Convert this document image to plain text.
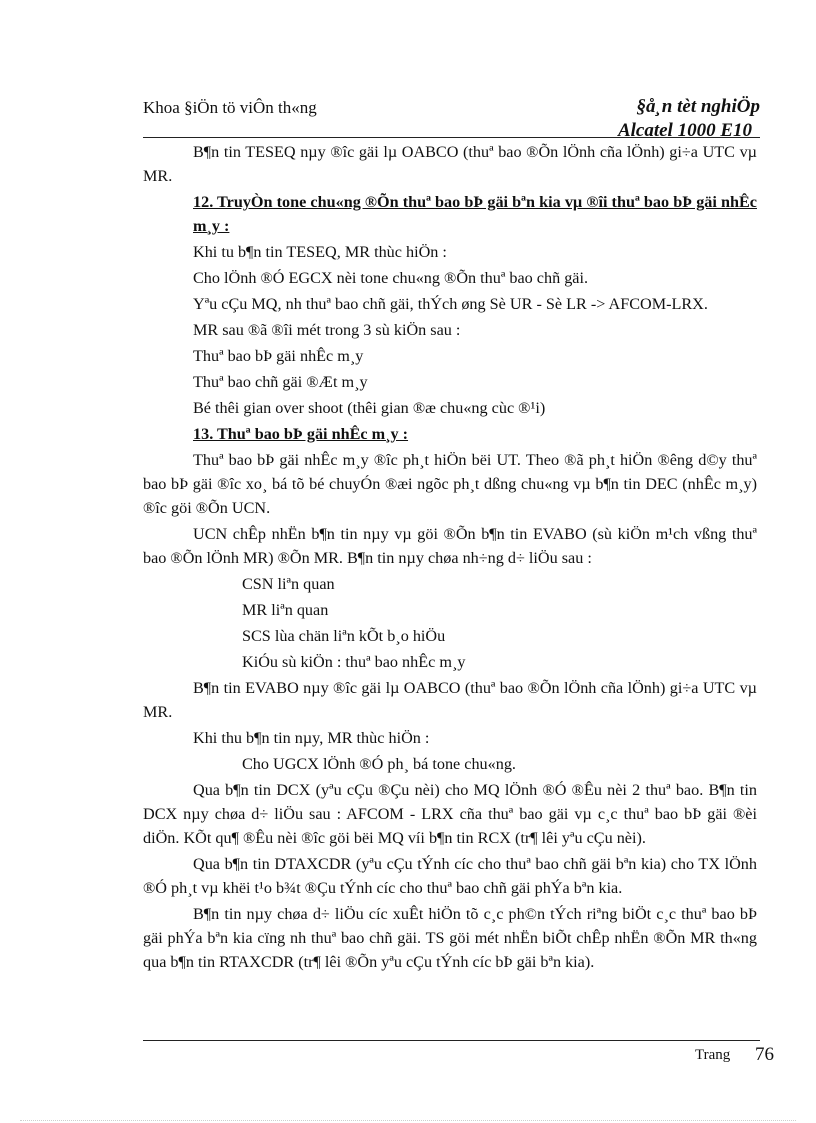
Khoa §iÖn tö viÔn th«ng	§å¸n tèt nghiÖp
Alcatel 1000 E10

B¶n tin TESEQ nµy ®îc gäi lµ OABCO (thuª bao ®Õn lÖnh cña lÖnh) gi÷a UTC vµ MR.

12. TruyÒn tone chu«ng ®Õn thuª bao bÞ gäi bªn kia vµ ®îi thuª bao bÞ gäi nhÊc m¸y :

Khi tu b¶n tin TESEQ, MR thùc hiÖn :

Cho lÖnh ®Ó EGCX nèi tone chu«ng ®Õn thuª bao chñ gäi.

Yªu cÇu MQ, nh thuª bao chñ gäi, thÝch øng Sè UR - Sè LR -> AFCOM-LRX.

MR sau ®ã ®îi mét trong 3 sù kiÖn sau :

Thuª bao bÞ gäi nhÊc m¸y

Thuª bao chñ gäi ®Æt m¸y

Bé thêi gian over shoot (thêi gian ®æ chu«ng cùc ®¹i)

13. Thuª bao bÞ gäi nhÊc m¸y :

Thuª bao bÞ gäi nhÊc m¸y ®îc ph¸t hiÖn bëi UT. Theo ®ã ph¸t hiÖn ®êng d©y thuª bao bÞ gäi ®îc xo¸ bá tõ bé chuyÓn ®æi ngõc ph¸t dßng chu«ng vµ b¶n tin DEC (nhÊc m¸y) ®îc göi ®Õn UCN.

UCN chÊp nhËn b¶n tin nµy vµ göi ®Õn b¶n tin EVABO (sù kiÖn m¹ch vßng thuª bao ®Õn lÖnh MR) ®Õn MR. B¶n tin nµy chøa nh÷ng d÷ liÖu sau :

CSN liªn quan

MR liªn quan

SCS lùa chän liªn kÕt b¸o hiÖu

KiÓu sù kiÖn : thuª bao nhÊc m¸y

B¶n tin EVABO nµy ®îc gäi lµ OABCO (thuª bao ®Õn lÖnh cña lÖnh) gi÷a UTC vµ MR.

Khi thu b¶n tin nµy, MR thùc hiÖn :

Cho UGCX lÖnh ®Ó ph¸ bá tone chu«ng.

Qua b¶n tin DCX (yªu cÇu ®Çu nèi) cho MQ lÖnh ®Ó ®Êu nèi 2 thuª bao. B¶n tin DCX nµy chøa d÷ liÖu sau : AFCOM - LRX cña thuª bao gäi vµ c¸c thuª bao bÞ gäi ®èi diÖn. KÕt qu¶ ®Êu nèi ®îc göi bëi MQ víi b¶n tin RCX (tr¶ lêi yªu cÇu nèi).

Qua b¶n tin DTAXCDR (yªu cÇu tÝnh cíc cho thuª bao chñ gäi bªn kia) cho TX lÖnh ®Ó ph¸t vµ khëi t¹o b¾t ®Çu tÝnh cíc cho thuª bao chñ gäi phÝa bªn kia.

B¶n tin nµy chøa d÷ liÖu cíc xuÊt hiÖn tõ c¸c ph©n tÝch riªng biÖt c¸c thuª bao bÞ gäi phÝa bªn kia cïng nh thuª bao chñ gäi. TS göi mét nhËn biÕt chÊp nhËn ®Õn MR th«ng qua b¶n tin RTAXCDR (tr¶ lêi ®Õn yªu cÇu tÝnh cíc bÞ gäi bªn kia).

Trang 76
